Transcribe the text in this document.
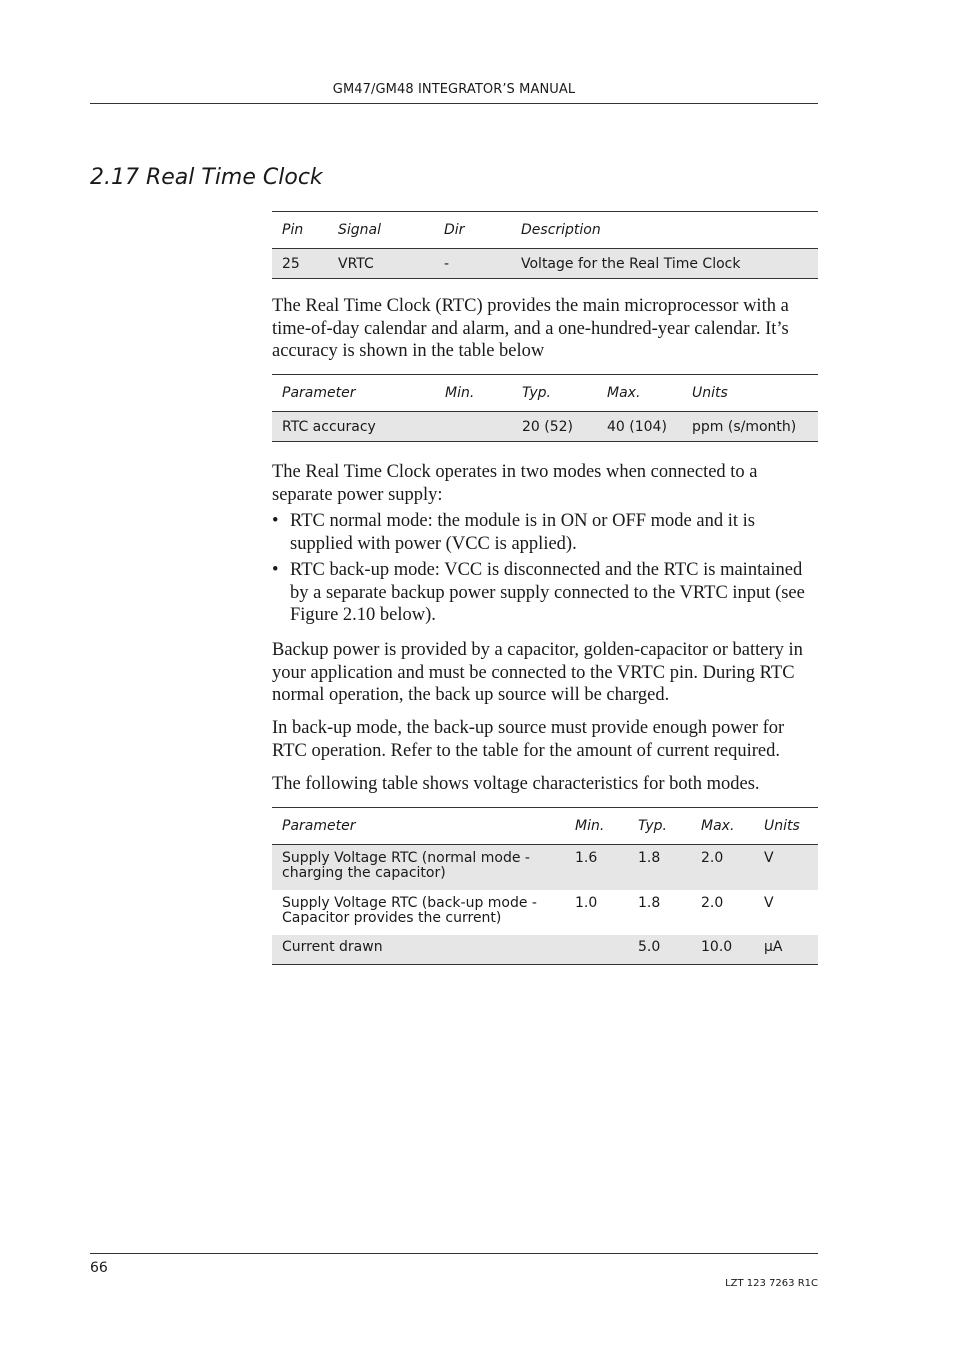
GM47/GM48 INTEGRATOR’S MANUAL
2.17 Real Time Clock
Pin	Signal	Dir	Description
25	VRTC	-	Voltage for the Real Time Clock

The Real Time Clock (RTC) provides the main microprocessor with a time-of-day calendar and alarm, and a one-hundred-year calendar. It’s accuracy is shown in the table below

Parameter	Min.	Typ.	Max.	Units
RTC accuracy		20 (52)	40 (104)	ppm (s/month)

The Real Time Clock operates in two modes when connected to a separate power supply:

• RTC normal mode: the module is in ON or OFF mode and it is supplied with power (VCC is applied).
• RTC back-up mode: VCC is disconnected and the RTC is maintained by a separate backup power supply connected to the VRTC input (see Figure 2.10 below).

Backup power is provided by a capacitor, golden-capacitor or battery in your application and must be connected to the VRTC pin. During RTC normal operation, the back up source will be charged.

In back-up mode, the back-up source must provide enough power for RTC operation. Refer to the table for the amount of current required.

The following table shows voltage characteristics for both modes.

Parameter	Min.	Typ.	Max.	Units
Supply Voltage RTC (normal mode - charging the capacitor)	1.6	1.8	2.0	V
Supply Voltage RTC (back-up mode - Capacitor provides the current)	1.0	1.8	2.0	V
Current drawn		5.0	10.0	µA
66
LZT 123 7263 R1C
